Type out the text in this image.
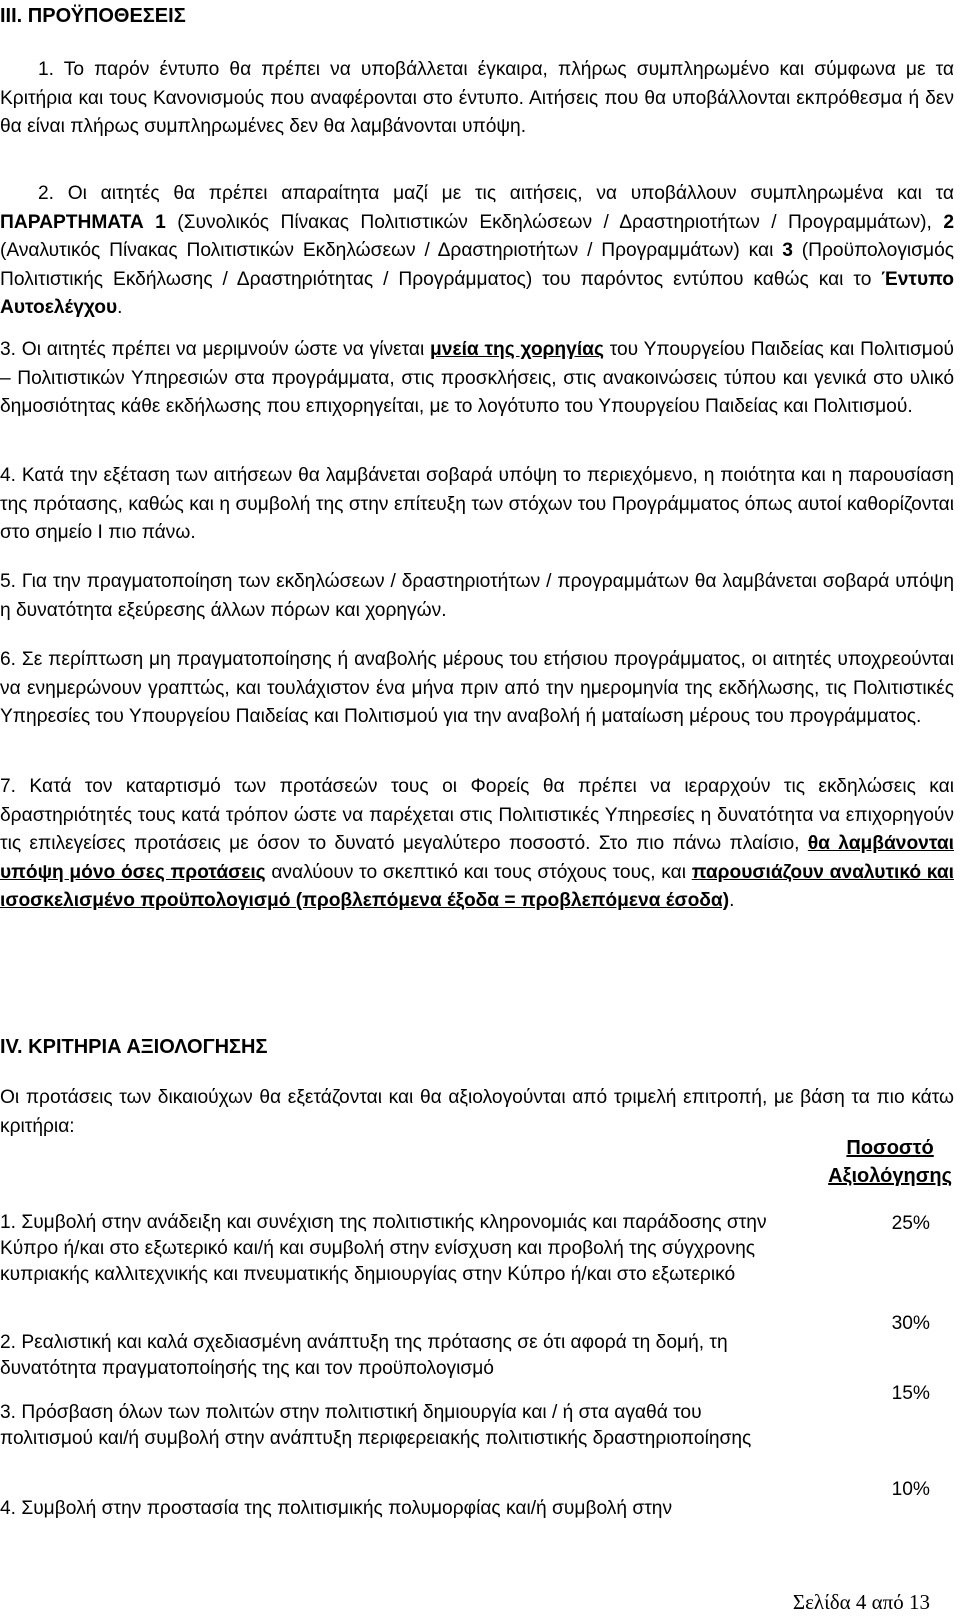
ΙΙΙ. ΠΡΟΫΠΟΘΕΣΕΙΣ

1. Το παρόν έντυπο θα πρέπει να υποβάλλεται έγκαιρα, πλήρως συμπληρωμένο και σύμφωνα με τα Κριτήρια και τους Κανονισμούς που αναφέρονται στο έντυπο. Αιτήσεις που θα υποβάλλονται εκπρόθεσμα ή δεν θα είναι πλήρως συμπληρωμένες δεν θα λαμβάνονται υπόψη.

2. Οι αιτητές θα πρέπει απαραίτητα μαζί με τις αιτήσεις, να υποβάλλουν συμπληρωμένα και τα ΠΑΡΑΡΤΗΜΑΤΑ 1 (Συνολικός Πίνακας Πολιτιστικών Εκδηλώσεων / Δραστηριοτήτων / Προγραμμάτων), 2 (Αναλυτικός Πίνακας Πολιτιστικών Εκδηλώσεων / Δραστηριοτήτων / Προγραμμάτων) και 3 (Προϋπολογισμός Πολιτιστικής Εκδήλωσης / Δραστηριότητας / Προγράμματος) του παρόντος εντύπου καθώς και το Έντυπο Αυτοελέγχου.

3. Οι αιτητές πρέπει να μεριμνούν ώστε να γίνεται μνεία της χορηγίας του Υπουργείου Παιδείας και Πολιτισμού – Πολιτιστικών Υπηρεσιών στα προγράμματα, στις προσκλήσεις, στις ανακοινώσεις τύπου και γενικά στο υλικό δημοσιότητας κάθε εκδήλωσης που επιχορηγείται, με το λογότυπο του Υπουργείου Παιδείας και Πολιτισμού.

4. Κατά την εξέταση των αιτήσεων θα λαμβάνεται σοβαρά υπόψη το περιεχόμενο, η ποιότητα και η παρουσίαση της πρότασης, καθώς και η συμβολή της στην επίτευξη των στόχων του Προγράμματος όπως αυτοί καθορίζονται στο σημείο Ι πιο πάνω.

5. Για την πραγματοποίηση των εκδηλώσεων / δραστηριοτήτων / προγραμμάτων θα λαμβάνεται σοβαρά υπόψη η δυνατότητα εξεύρεσης άλλων πόρων και χορηγών.

6. Σε περίπτωση μη πραγματοποίησης ή αναβολής μέρους του ετήσιου προγράμματος, οι αιτητές υποχρεούνται να ενημερώνουν γραπτώς, και τουλάχιστον ένα μήνα πριν από την ημερομηνία της εκδήλωσης, τις Πολιτιστικές Υπηρεσίες του Υπουργείου Παιδείας και Πολιτισμού για την αναβολή ή ματαίωση μέρους του προγράμματος.

7. Κατά τον καταρτισμό των προτάσεών τους οι Φορείς θα πρέπει να ιεραρχούν τις εκδηλώσεις και δραστηριότητές τους κατά τρόπον ώστε να παρέχεται στις Πολιτιστικές Υπηρεσίες η δυνατότητα να επιχορηγούν τις επιλεγείσες προτάσεις με όσον το δυνατό μεγαλύτερο ποσοστό. Στο πιο πάνω πλαίσιο, θα λαμβάνονται υπόψη μόνο όσες προτάσεις αναλύουν το σκεπτικό και τους στόχους τους, και παρουσιάζουν αναλυτικό και ισοσκελισμένο προϋπολογισμό (προβλεπόμενα έξοδα = προβλεπόμενα έσοδα).

IV. ΚΡΙΤΗΡΙΑ ΑΞΙΟΛΟΓΗΣΗΣ

Οι προτάσεις των δικαιούχων θα εξετάζονται και θα αξιολογούνται από τριμελή επιτροπή, με βάση τα πιο κάτω κριτήρια:

Ποσοστό
Αξιολόγησης

1. Συμβολή στην ανάδειξη και συνέχιση της πολιτιστικής κληρονομιάς και παράδοσης στην Κύπρο ή/και στο εξωτερικό και/ή και συμβολή στην ενίσχυση και προβολή της σύγχρονης κυπριακής καλλιτεχνικής και πνευματικής δημιουργίας στην Κύπρο ή/και στο εξωτερικό

25%

2. Ρεαλιστική και καλά σχεδιασμένη ανάπτυξη της πρότασης σε ότι αφορά τη δομή, τη δυνατότητα πραγματοποίησής της και τον προϋπολογισμό

30%

3. Πρόσβαση όλων των πολιτών στην πολιτιστική δημιουργία και / ή στα αγαθά του πολιτισμού και/ή συμβολή στην ανάπτυξη περιφερειακής πολιτιστικής δραστηριοποίησης

15%

4. Συμβολή στην προστασία της πολιτισμικής πολυμορφίας και/ή συμβολή στην

10%
Σελίδα 4 από 13
